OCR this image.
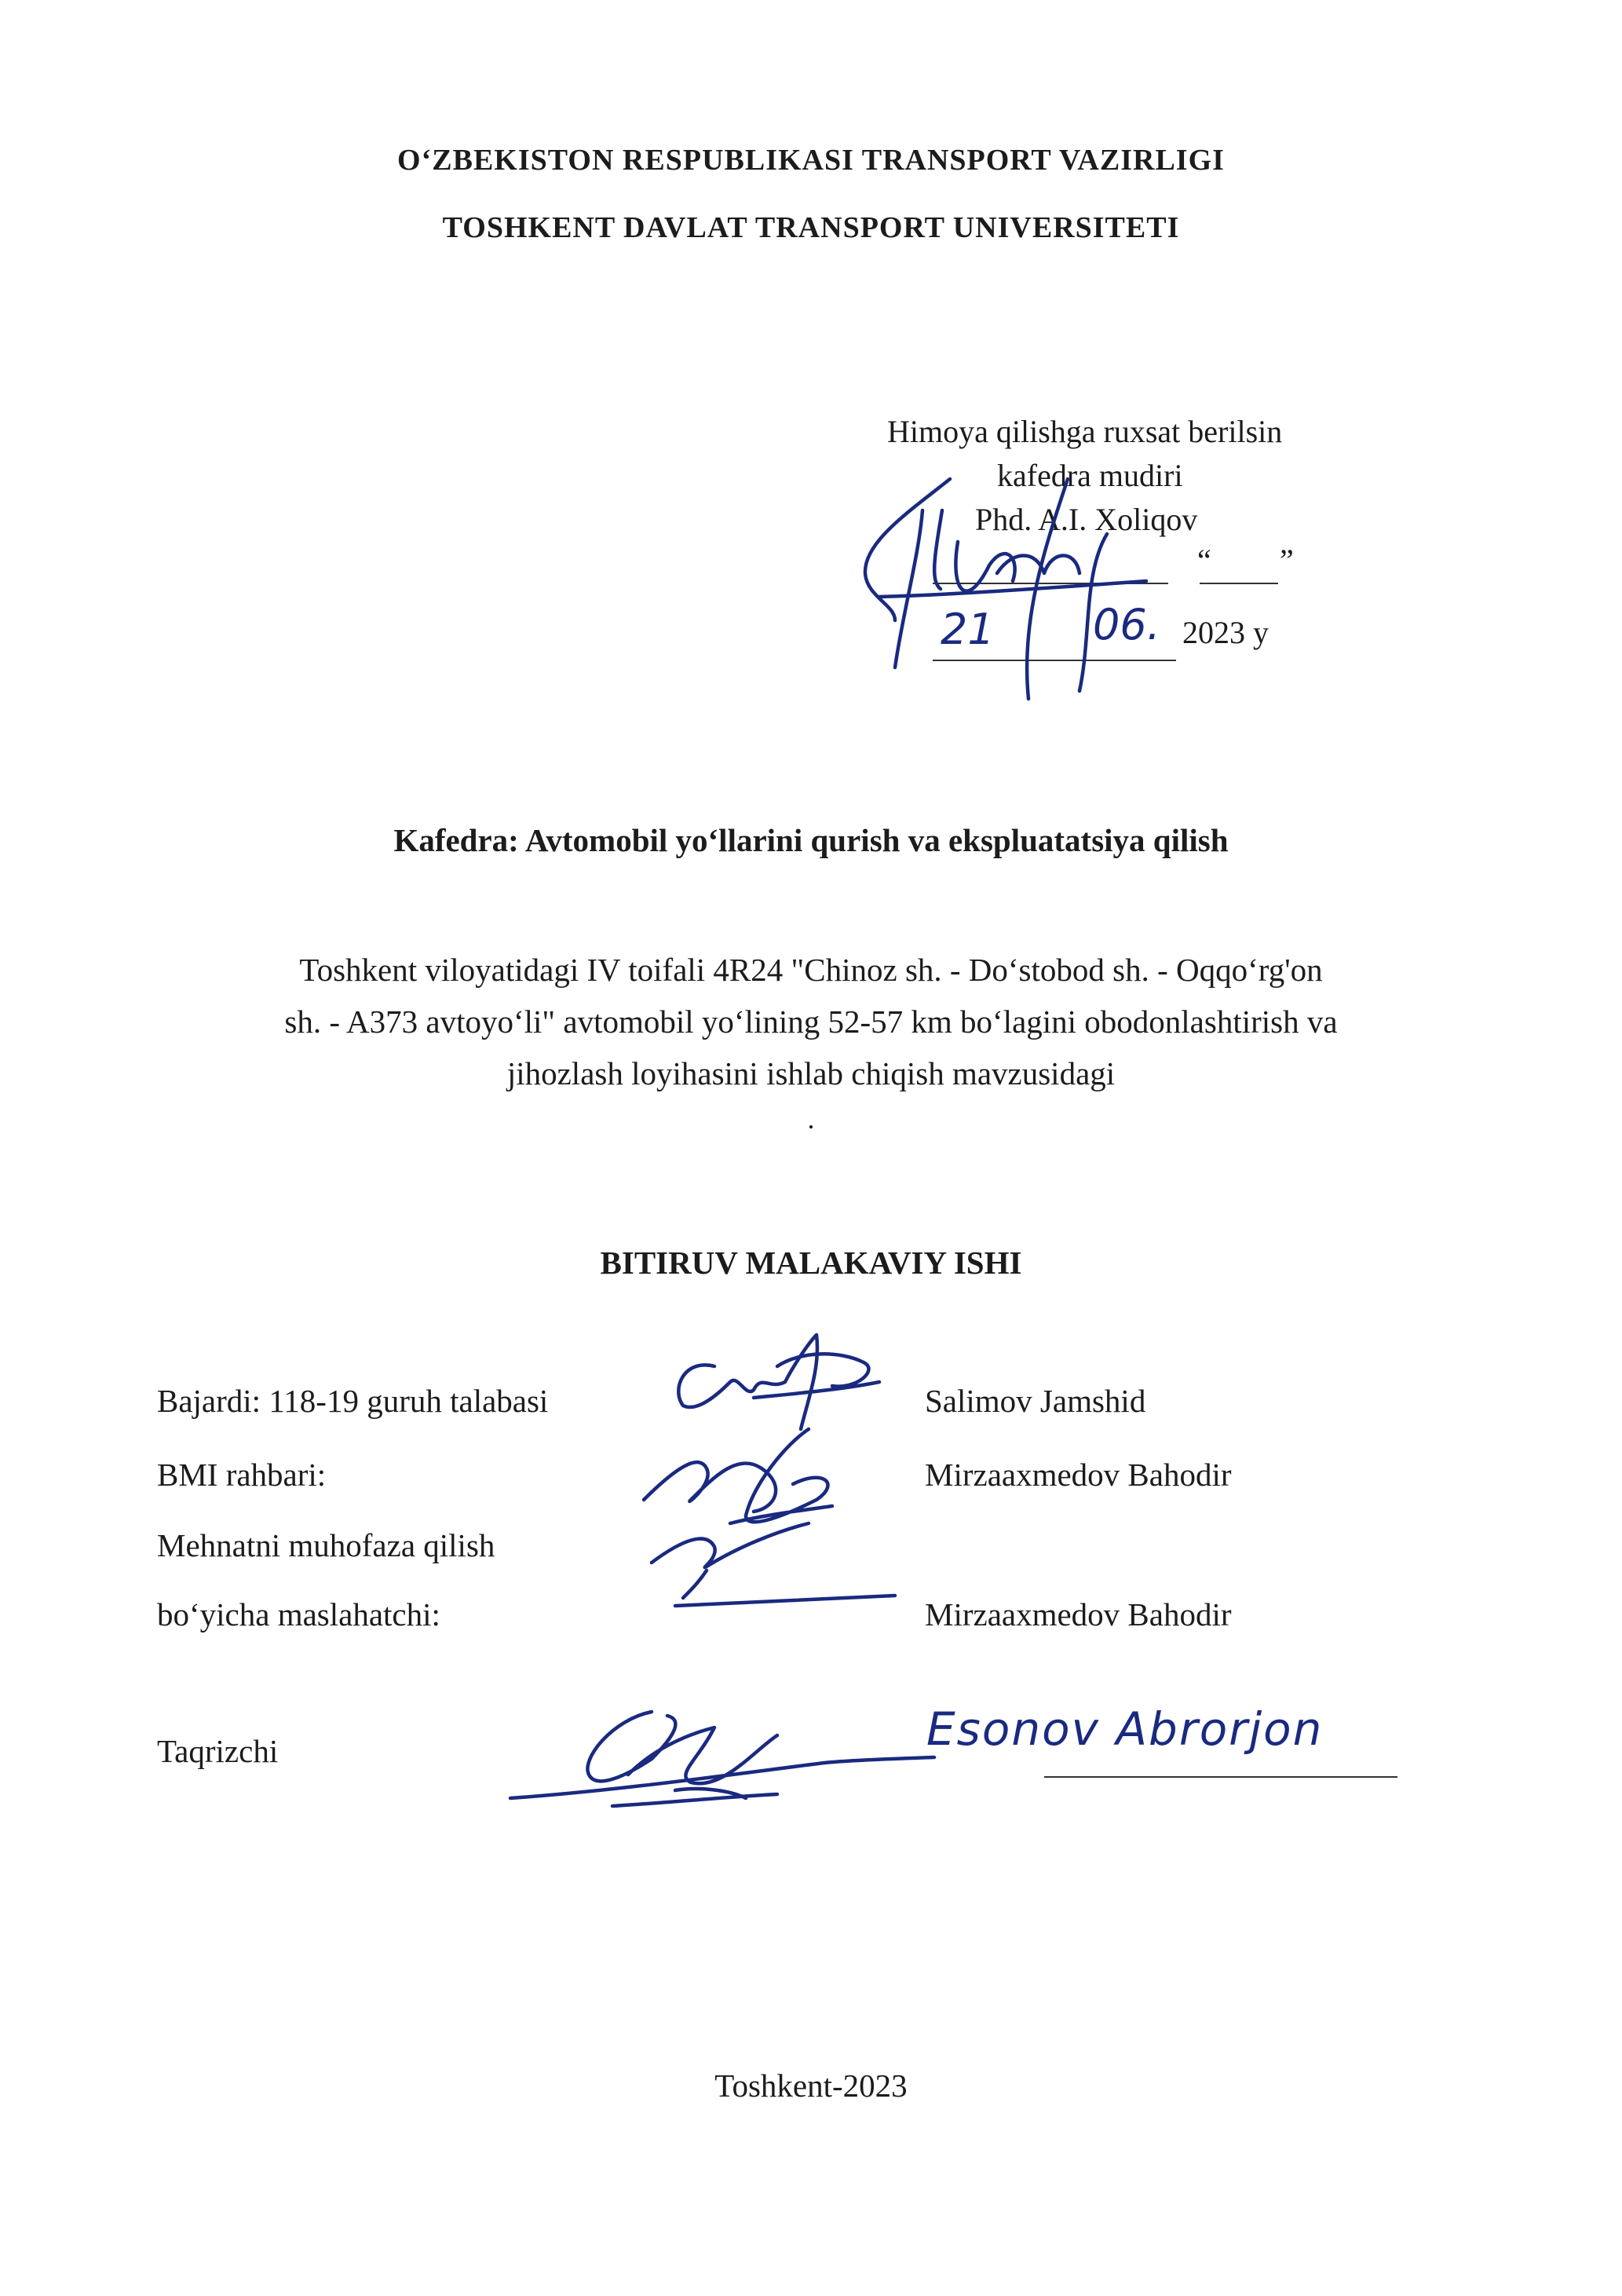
O‘ZBEKISTON RESPUBLIKASI TRANSPORT VAZIRLIGI
TOSHKENT DAVLAT TRANSPORT UNIVERSITETI
Himoya qilishga ruxsat berilsin
kafedra mudiri
Phd. A.I. Xoliqov
“ ”
21 06. 2023 y
Kafedra: Avtomobil yo‘llarini qurish va ekspluatatsiya qilish
Toshkent viloyatidagi IV toifali 4R24 "Chinoz sh. - Do‘stobod sh. - Oqqo‘rg'on
sh. - A373 avtoyo‘li" avtomobil yo‘lining 52-57 km bo‘lagini obodonlashtirish va
jihozlash loyihasini ishlab chiqish mavzusidagi
.
BITIRUV MALAKAVIY ISHI
Bajardi: 118-19 guruh talabasi	Salimov Jamshid
BMI rahbari:	Mirzaaxmedov Bahodir
Mehnatni muhofaza qilish
bo‘yicha maslahatchi:	Mirzaaxmedov Bahodir
Taqrizchi	Esonov Abrorjon
Toshkent-2023
